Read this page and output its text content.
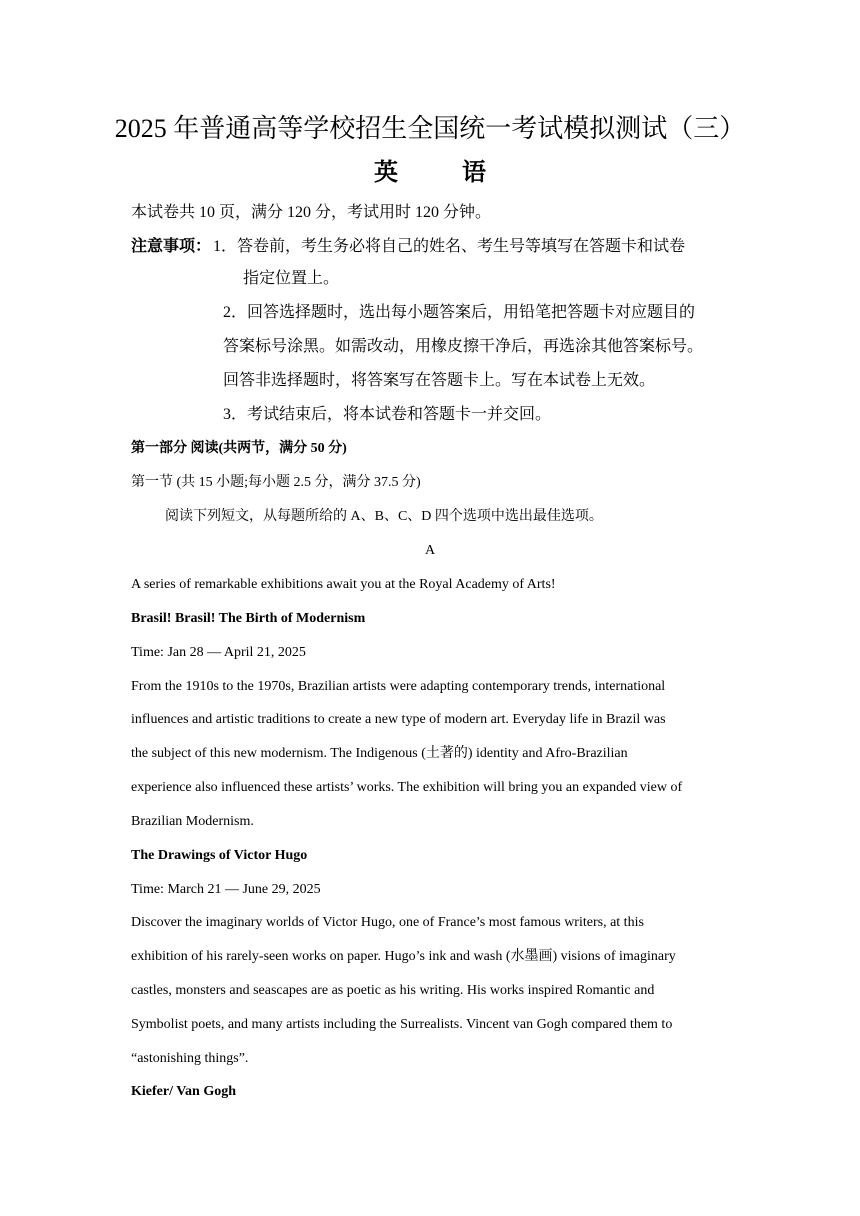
2025 年普通高等学校招生全国统一考试模拟测试（三）
英　语
本试卷共 10 页，满分 120 分，考试用时 120 分钟。
注意事项： 1．答卷前，考生务必将自己的姓名、考生号等填写在答题卡和试卷
指定位置上。
2．回答选择题时，选出每小题答案后，用铅笔把答题卡对应题目的
答案标号涂黑。如需改动，用橡皮擦干净后，再选涂其他答案标号。
回答非选择题时，将答案写在答题卡上。写在本试卷上无效。
3．考试结束后，将本试卷和答题卡一并交回。
第一部分 阅读(共两节，满分 50 分)
第一节 (共 15 小题;每小题 2.5 分，满分 37.5 分)
阅读下列短文，从每题所给的 A、B、C、D 四个选项中选出最佳选项。
A
A series of remarkable exhibitions await you at the Royal Academy of Arts!
Brasil! Brasil! The Birth of Modernism
Time: Jan 28 — April 21, 2025
From the 1910s to the 1970s, Brazilian artists were adapting contemporary trends, international
influences and artistic traditions to create a new type of modern art. Everyday life in Brazil was
the subject of this new modernism. The Indigenous (土著的) identity and Afro-Brazilian
experience also influenced these artists’ works. The exhibition will bring you an expanded view of
Brazilian Modernism.
The Drawings of Victor Hugo
Time: March 21 — June 29, 2025
Discover the imaginary worlds of Victor Hugo, one of France’s most famous writers, at this
exhibition of his rarely-seen works on paper. Hugo’s ink and wash (水墨画) visions of imaginary
castles, monsters and seascapes are as poetic as his writing. His works inspired Romantic and
Symbolist poets, and many artists including the Surrealists. Vincent van Gogh compared them to
“astonishing things”.
Kiefer/ Van Gogh
